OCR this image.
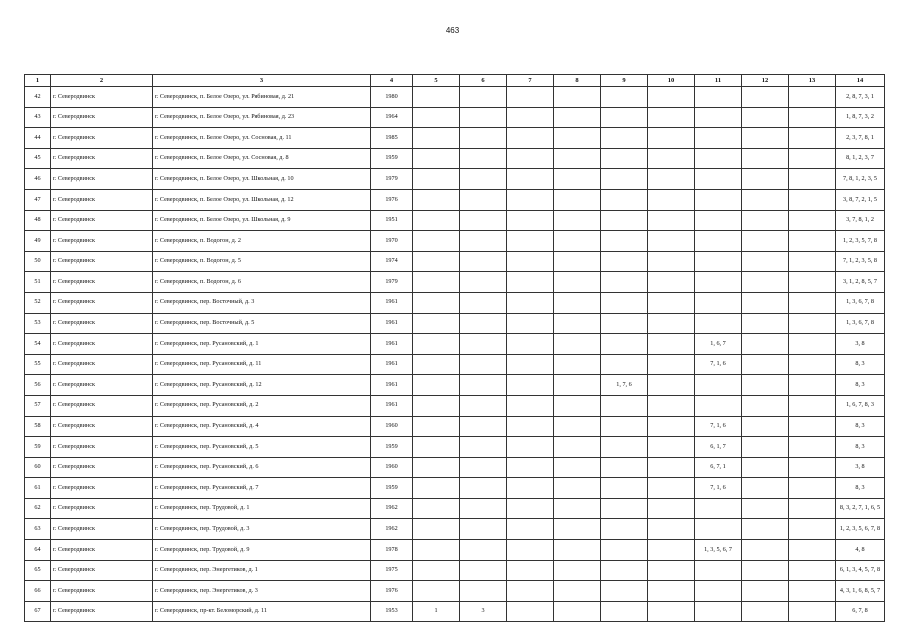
463
1	2	3	4	5	6	7	8	9	10	11	12	13	14
42	г. Северодвинск	г. Северодвинск, п. Белое Озеро, ул. Рябиновая, д. 21	1980										2, 8, 7, 3, 1
43	г. Северодвинск	г. Северодвинск, п. Белое Озеро, ул. Рябиновая, д. 23	1964										1, 8, 7, 3, 2
44	г. Северодвинск	г. Северодвинск, п. Белое Озеро, ул. Сосновая, д. 11	1985										2, 3, 7, 8, 1
45	г. Северодвинск	г. Северодвинск, п. Белое Озеро, ул. Сосновая, д. 8	1959										8, 1, 2, 3, 7
46	г. Северодвинск	г. Северодвинск, п. Белое Озеро, ул. Школьная, д. 10	1979										7, 8, 1, 2, 3, 5
47	г. Северодвинск	г. Северодвинск, п. Белое Озеро, ул. Школьная, д. 12	1976										3, 8, 7, 2, 1, 5
48	г. Северодвинск	г. Северодвинск, п. Белое Озеро, ул. Школьная, д. 9	1951										3, 7, 8, 1, 2
49	г. Северодвинск	г. Северодвинск, п. Водогон, д. 2	1970										1, 2, 3, 5, 7, 8
50	г. Северодвинск	г. Северодвинск, п. Водогон, д. 5	1974										7, 1, 2, 3, 5, 8
51	г. Северодвинск	г. Северодвинск, п. Водогон, д. 6	1979										3, 1, 2, 8, 5, 7
52	г. Северодвинск	г. Северодвинск, пер. Восточный, д. 3	1961										1, 3, 6, 7, 8
53	г. Северодвинск	г. Северодвинск, пер. Восточный, д. 5	1961										1, 3, 6, 7, 8
54	г. Северодвинск	г. Северодвинск, пер. Русановский, д. 1	1961							1, 6, 7			3, 8
55	г. Северодвинск	г. Северодвинск, пер. Русановский, д. 11	1961							7, 1, 6			8, 3
56	г. Северодвинск	г. Северодвинск, пер. Русановский, д. 12	1961					1, 7, 6					8, 3
57	г. Северодвинск	г. Северодвинск, пер. Русановский, д. 2	1961										1, 6, 7, 8, 3
58	г. Северодвинск	г. Северодвинск, пер. Русановский, д. 4	1960							7, 1, 6			8, 3
59	г. Северодвинск	г. Северодвинск, пер. Русановский, д. 5	1959							6, 1, 7			8, 3
60	г. Северодвинск	г. Северодвинск, пер. Русановский, д. 6	1960							6, 7, 1			3, 8
61	г. Северодвинск	г. Северодвинск, пер. Русановский, д. 7	1959							7, 1, 6			8, 3
62	г. Северодвинск	г. Северодвинск, пер. Трудовой, д. 1	1962										8, 3, 2, 7, 1, 6, 5
63	г. Северодвинск	г. Северодвинск, пер. Трудовой, д. 3	1962										1, 2, 3, 5, 6, 7, 8
64	г. Северодвинск	г. Северодвинск, пер. Трудовой, д. 9	1978							1, 3, 5, 6, 7			4, 8
65	г. Северодвинск	г. Северодвинск, пер. Энергетиков, д. 1	1975										6, 1, 3, 4, 5, 7, 8
66	г. Северодвинск	г. Северодвинск, пер. Энергетиков, д. 3	1976										4, 3, 1, 6, 8, 5, 7
67	г. Северодвинск	г. Северодвинск, пр-кт. Беломорский, д. 11	1953	1	3								6, 7, 8
